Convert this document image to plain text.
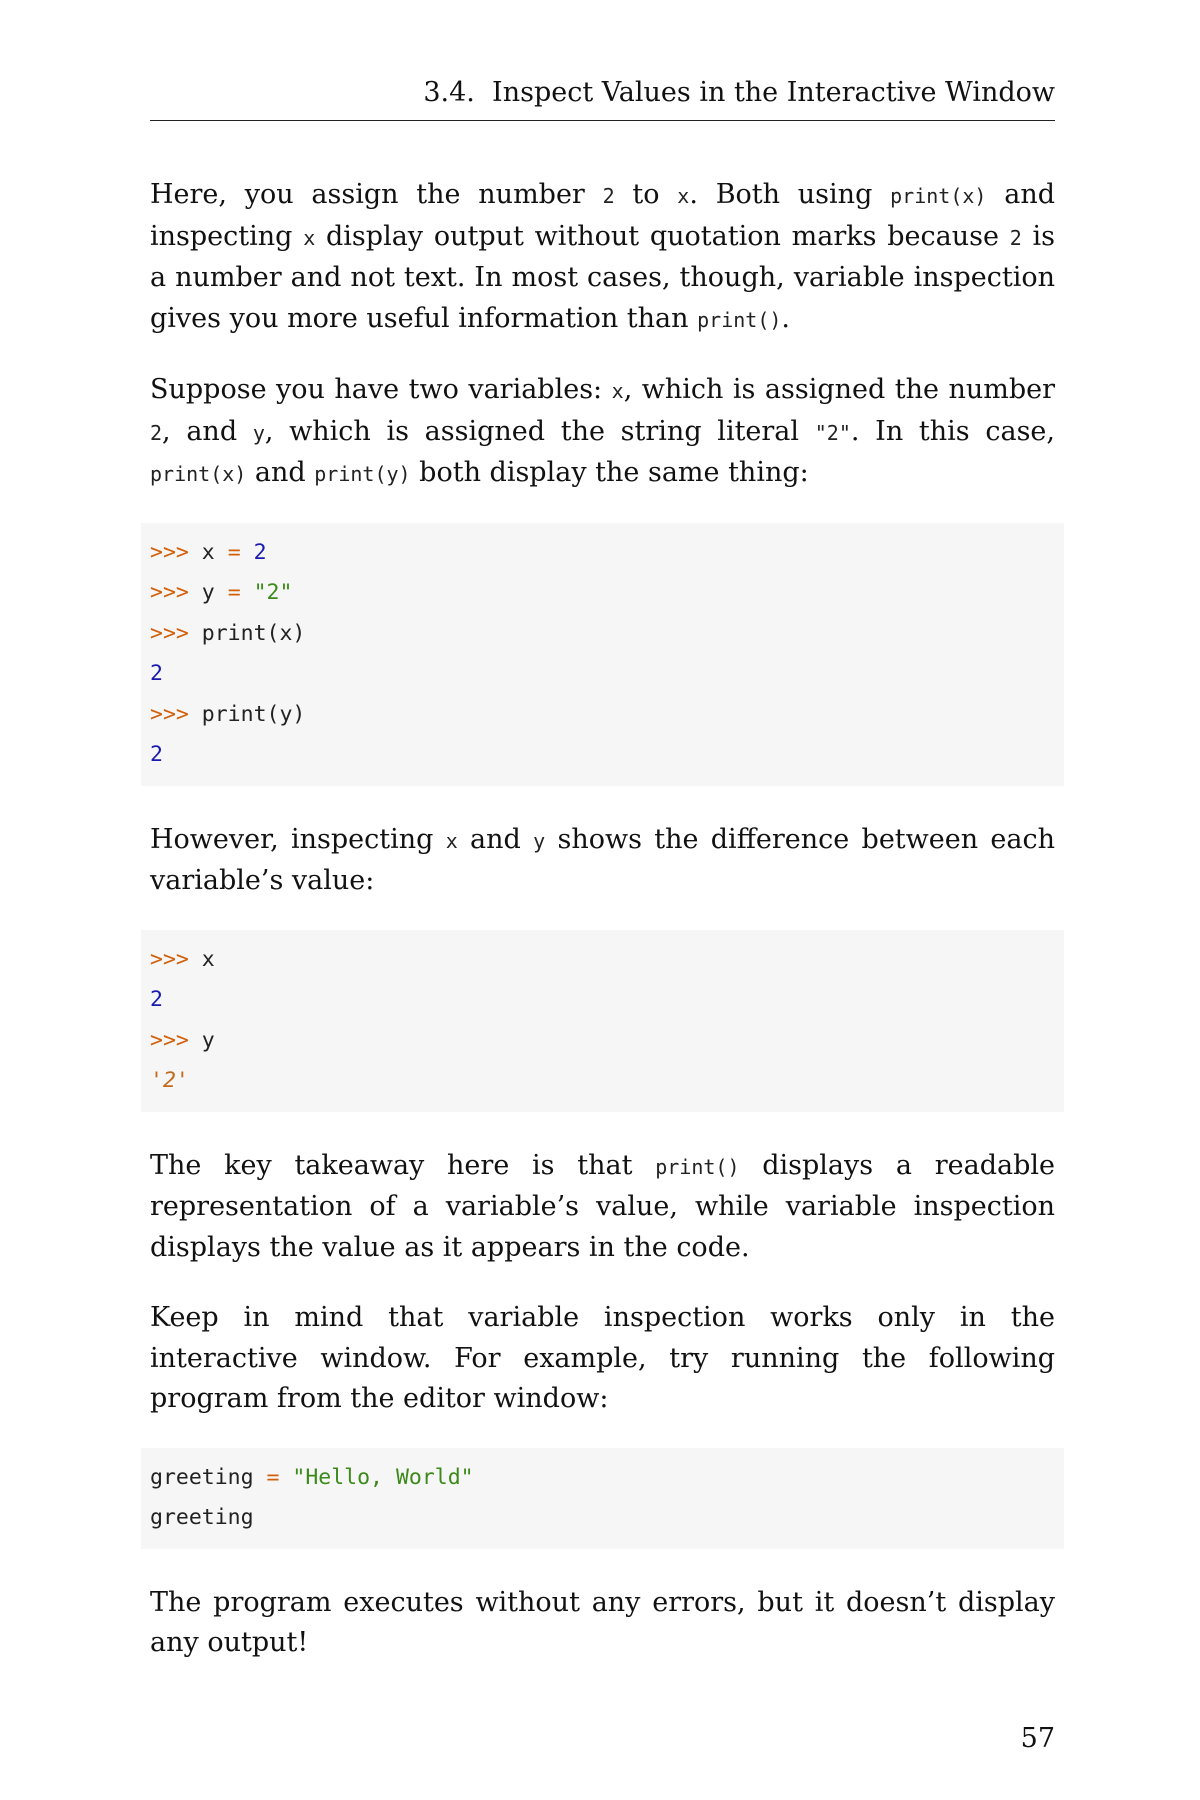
3.4. Inspect Values in the Interactive Window

Here, you assign the number 2 to x. Both using print(x) and inspecting x display output without quotation marks because 2 is a number and not text. In most cases, though, variable inspection gives you more useful information than print().

Suppose you have two variables: x, which is assigned the number 2, and y, which is assigned the string literal "2". In this case, print(x) and print(y) both display the same thing:

>>> x = 2
>>> y = "2"
>>> print(x)
2
>>> print(y)
2

However, inspecting x and y shows the difference between each variable’s value:

>>> x
2
>>> y
'2'

The key takeaway here is that print() displays a readable representation of a variable’s value, while variable inspection displays the value as it appears in the code.

Keep in mind that variable inspection works only in the interactive window. For example, try running the following program from the editor window:

greeting = "Hello, World"
greeting

The program executes without any errors, but it doesn’t display any output!

57
